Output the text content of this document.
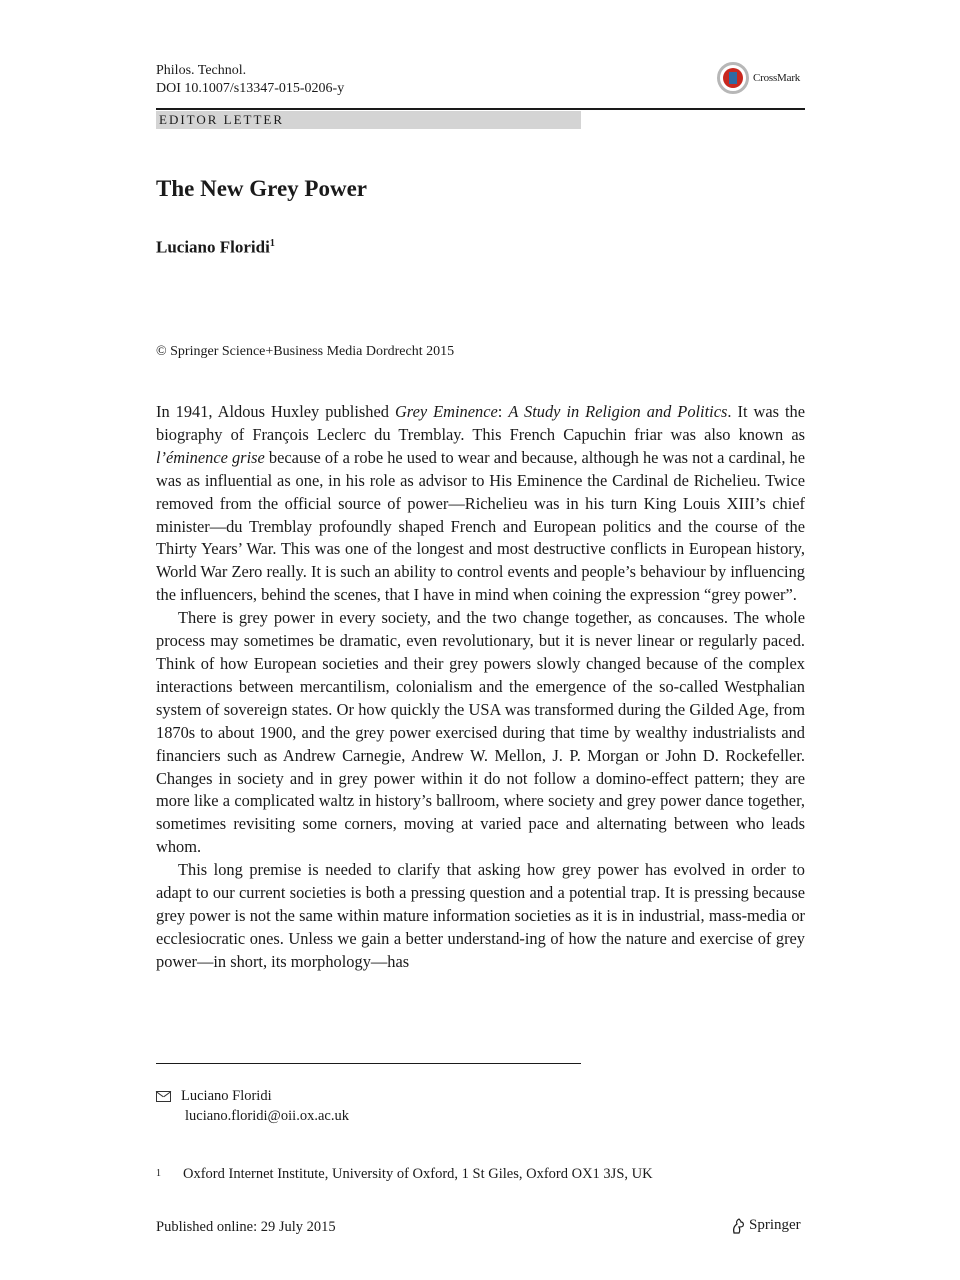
Philos. Technol.
DOI 10.1007/s13347-015-0206-y
CrossMark
EDITOR LETTER
The New Grey Power
Luciano Floridi$^1$
© Springer Science+Business Media Dordrecht 2015

In 1941, Aldous Huxley published Grey Eminence: A Study in Religion and Politics. It was the biography of François Leclerc du Tremblay. This French Capuchin friar was also known as l’éminence grise because of a robe he used to wear and because, although he was not a cardinal, he was as influential as one, in his role as advisor to His Eminence the Cardinal de Richelieu. Twice removed from the official source of power—Richelieu was in his turn King Louis XIII’s chief minister—du Tremblay profoundly shaped French and European politics and the course of the Thirty Years’ War. This was one of the longest and most destructive conflicts in European history, World War Zero really. It is such an ability to control events and people’s behaviour by influencing the influencers, behind the scenes, that I have in mind when coining the expression “grey power”.

There is grey power in every society, and the two change together, as concauses. The whole process may sometimes be dramatic, even revolutionary, but it is never linear or regularly paced. Think of how European societies and their grey powers slowly changed because of the complex interactions between mercantilism, colonialism and the emergence of the so-called Westphalian system of sovereign states. Or how quickly the USA was transformed during the Gilded Age, from 1870s to about 1900, and the grey power exercised during that time by wealthy industrialists and financiers such as Andrew Carnegie, Andrew W. Mellon, J. P. Morgan or John D. Rockefeller. Changes in society and in grey power within it do not follow a domino-effect pattern; they are more like a complicated waltz in history’s ballroom, where society and grey power dance together, sometimes revisiting some corners, moving at varied pace and alternating between who leads whom.

This long premise is needed to clarify that asking how grey power has evolved in order to adapt to our current societies is both a pressing question and a potential trap. It is pressing because grey power is not the same within mature information societies as it is in industrial, mass-media or ecclesiocratic ones. Unless we gain a better understand-ing of how the nature and exercise of grey power—in short, its morphology—has

Luciano Floridi
luciano.floridi@oii.ox.ac.uk
1 Oxford Internet Institute, University of Oxford, 1 St Giles, Oxford OX1 3JS, UK
Published online: 29 July 2015	Springer
